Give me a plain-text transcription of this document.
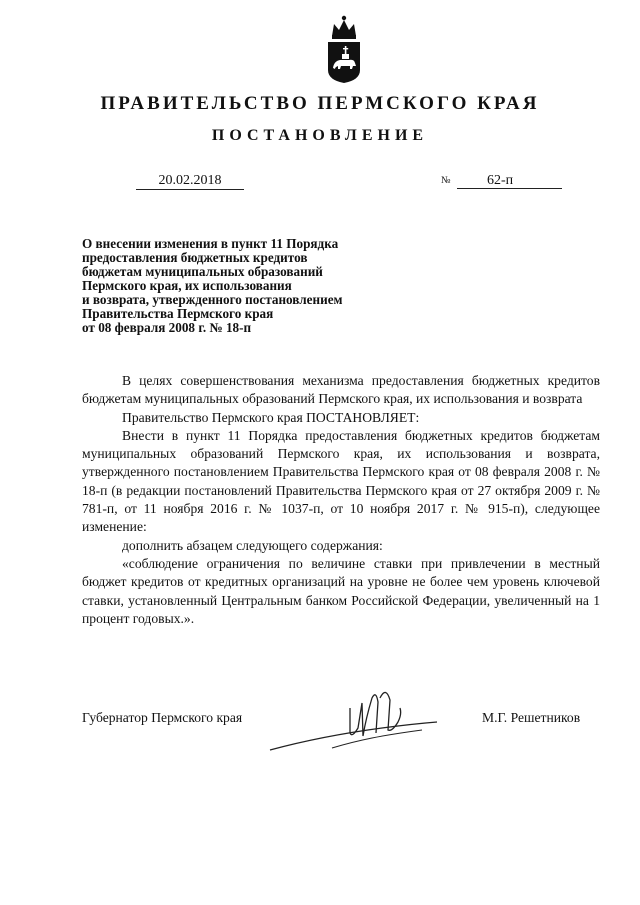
ПРАВИТЕЛЬСТВО ПЕРМСКОГО КРАЯ
ПОСТАНОВЛЕНИЕ
20.02.2018	№	62-п
О внесении изменения в пункт 11 Порядка
предоставления бюджетных кредитов
бюджетам муниципальных образований
Пермского края, их использования
и возврата, утвержденного постановлением
Правительства Пермского края
от 08 февраля 2008 г. № 18-п

В целях совершенствования механизма предоставления бюджетных кредитов бюджетам муниципальных образований Пермского края, их использования и возврата

Правительство Пермского края ПОСТАНОВЛЯЕТ:

Внести в пункт 11 Порядка предоставления бюджетных кредитов бюджетам муниципальных образований Пермского края, их использования и возврата, утвержденного постановлением Правительства Пермского края от 08 февраля 2008 г. № 18-п (в редакции постановлений Правительства Пермского края от 27 октября 2009 г. № 781-п, от 11 ноября 2016 г. № 1037-п, от 10 ноября 2017 г. № 915-п), следующее изменение:

дополнить абзацем следующего содержания:

«соблюдение ограничения по величине ставки при привлечении в местный бюджет кредитов от кредитных организаций на уровне не более чем уровень ключевой ставки, установленный Центральным банком Российской Федерации, увеличенный на 1 процент годовых.».

Губернатор Пермского края	М.Г. Решетников
